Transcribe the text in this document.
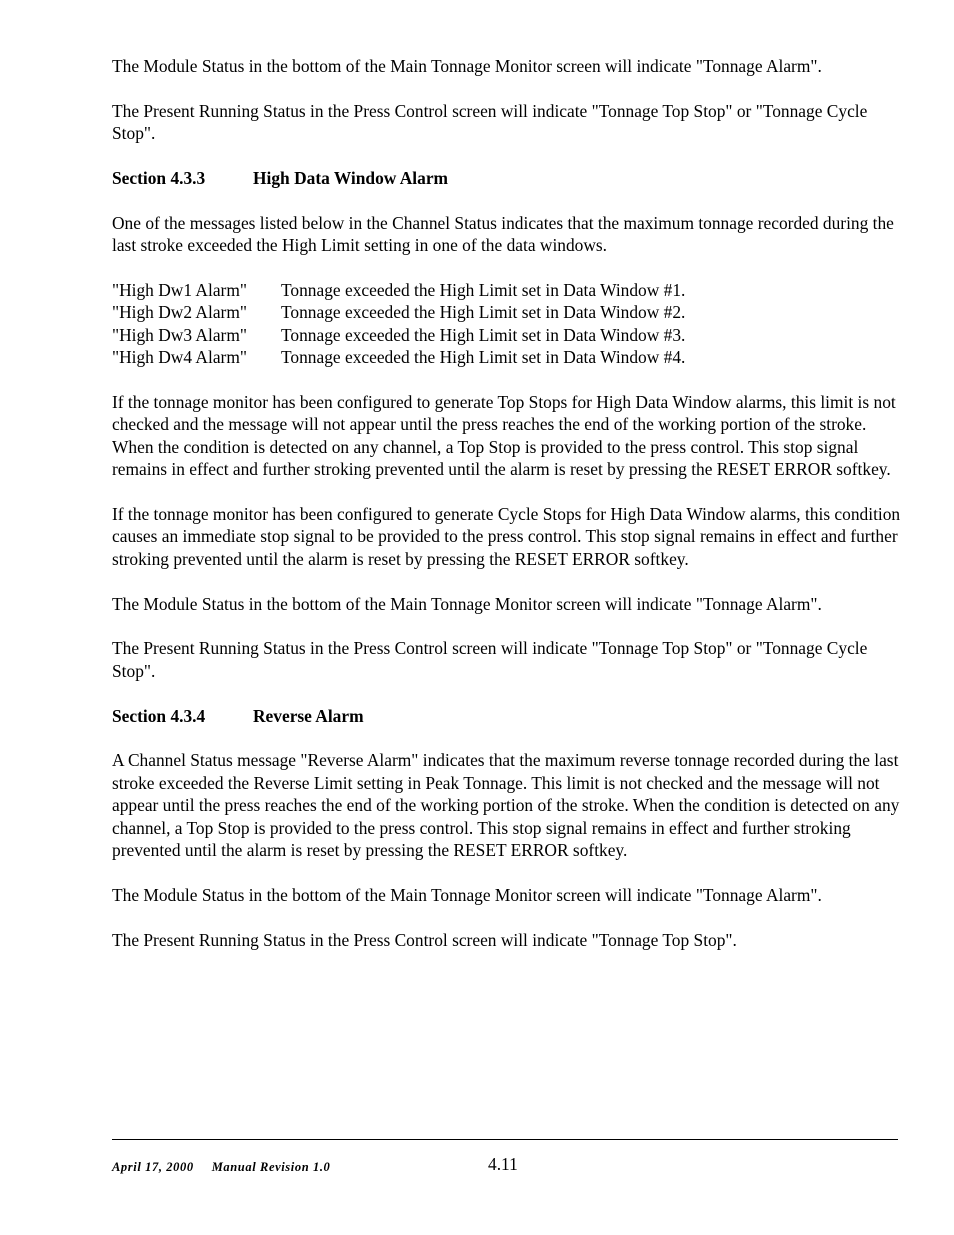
The Module Status in the bottom of the Main Tonnage Monitor screen will indicate "Tonnage Alarm".

The Present Running Status in the Press Control screen will indicate "Tonnage Top Stop" or "Tonnage Cycle Stop".

Section 4.3.3	High Data Window Alarm

One of the messages listed below in the Channel Status indicates that the maximum tonnage recorded during the last stroke exceeded the High Limit setting in one of the data windows.

"High Dw1 Alarm"	Tonnage exceeded the High Limit set in Data Window #1.
"High Dw2 Alarm"	Tonnage exceeded the High Limit set in Data Window #2.
"High Dw3 Alarm"	Tonnage exceeded the High Limit set in Data Window #3.
"High Dw4 Alarm"	Tonnage exceeded the High Limit set in Data Window #4.

If the tonnage monitor has been configured to generate Top Stops for High Data Window alarms, this limit is not checked and the message will not appear until the press reaches the end of the working portion of the stroke. When the condition is detected on any channel, a Top Stop is provided to the press control. This stop signal remains in effect and further stroking prevented until the alarm is reset by pressing the RESET ERROR softkey.

If the tonnage monitor has been configured to generate Cycle Stops for High Data Window alarms, this condition causes an immediate stop signal to be provided to the press control. This stop signal remains in effect and further stroking prevented until the alarm is reset by pressing the RESET ERROR softkey.

The Module Status in the bottom of the Main Tonnage Monitor screen will indicate "Tonnage Alarm".

The Present Running Status in the Press Control screen will indicate "Tonnage Top Stop" or "Tonnage Cycle Stop".

Section 4.3.4	Reverse Alarm

A Channel Status message "Reverse Alarm" indicates that the maximum reverse tonnage recorded during the last stroke exceeded the Reverse Limit setting in Peak Tonnage. This limit is not checked and the message will not appear until the press reaches the end of the working portion of the stroke. When the condition is detected on any channel, a Top Stop is provided to the press control. This stop signal remains in effect and further stroking prevented until the alarm is reset by pressing the RESET ERROR softkey.

The Module Status in the bottom of the Main Tonnage Monitor screen will indicate "Tonnage Alarm".

The Present Running Status in the Press Control screen will indicate "Tonnage Top Stop".

April 17, 2000 Manual Revision 1.0	4.11
